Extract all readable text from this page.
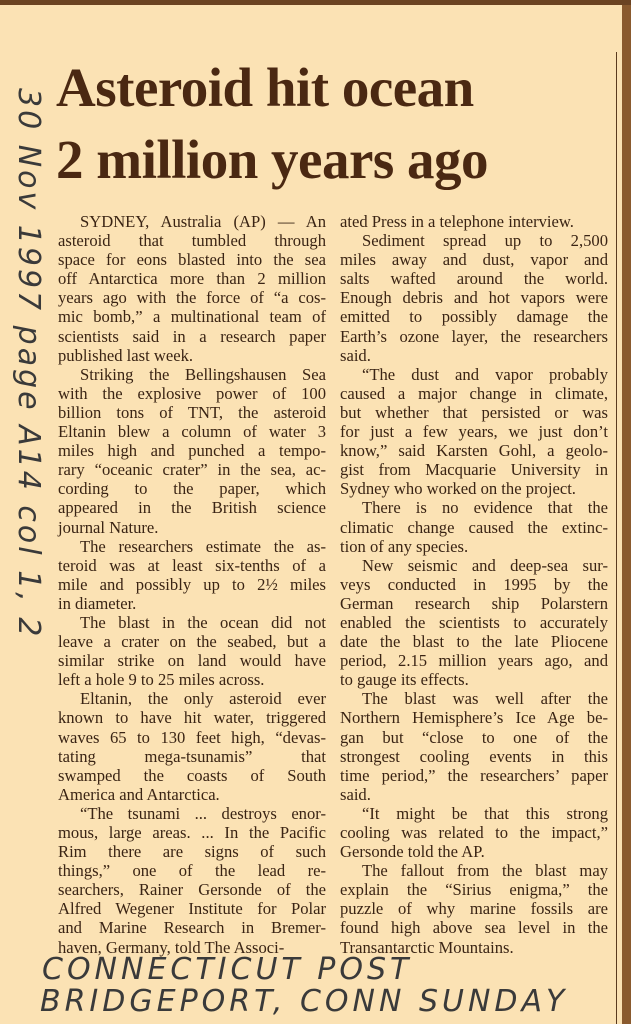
Asteroid hit ocean
2 million years ago
SYDNEY, Australia (AP) — An
asteroid that tumbled through
space for eons blasted into the sea
off Antarctica more than 2 million
years ago with the force of “a cos-
mic bomb,” a multinational team of
scientists said in a research paper
published last week.
Striking the Bellingshausen Sea
with the explosive power of 100
billion tons of TNT, the asteroid
Eltanin blew a column of water 3
miles high and punched a tempo-
rary “oceanic crater” in the sea, ac-
cording to the paper, which
appeared in the British science
journal Nature.
The researchers estimate the as-
teroid was at least six-tenths of a
mile and possibly up to 2½ miles
in diameter.
The blast in the ocean did not
leave a crater on the seabed, but a
similar strike on land would have
left a hole 9 to 25 miles across.
Eltanin, the only asteroid ever
known to have hit water, triggered
waves 65 to 130 feet high, “devas-
tating mega-tsunamis” that
swamped the coasts of South
America and Antarctica.
“The tsunami ... destroys enor-
mous, large areas. ... In the Pacific
Rim there are signs of such
things,” one of the lead re-
searchers, Rainer Gersonde of the
Alfred Wegener Institute for Polar
and Marine Research in Bremer-
haven, Germany, told The Associ-
ated Press in a telephone interview.
Sediment spread up to 2,500
miles away and dust, vapor and
salts wafted around the world.
Enough debris and hot vapors were
emitted to possibly damage the
Earth’s ozone layer, the researchers
said.
“The dust and vapor probably
caused a major change in climate,
but whether that persisted or was
for just a few years, we just don’t
know,” said Karsten Gohl, a geolo-
gist from Macquarie University in
Sydney who worked on the project.
There is no evidence that the
climatic change caused the extinc-
tion of any species.
New seismic and deep-sea sur-
veys conducted in 1995 by the
German research ship Polarstern
enabled the scientists to accurately
date the blast to the late Pliocene
period, 2.15 million years ago, and
to gauge its effects.
The blast was well after the
Northern Hemisphere’s Ice Age be-
gan but “close to one of the
strongest cooling events in this
time period,” the researchers’ paper
said.
“It might be that this strong
cooling was related to the impact,”
Gersonde told the AP.
The fallout from the blast may
explain the “Sirius enigma,” the
puzzle of why marine fossils are
found high above sea level in the
Transantarctic Mountains.
30 Nov 1997 page A14 col 1, 2
CONNECTICUT POST
BRIDGEPORT, CONN SUNDAY
